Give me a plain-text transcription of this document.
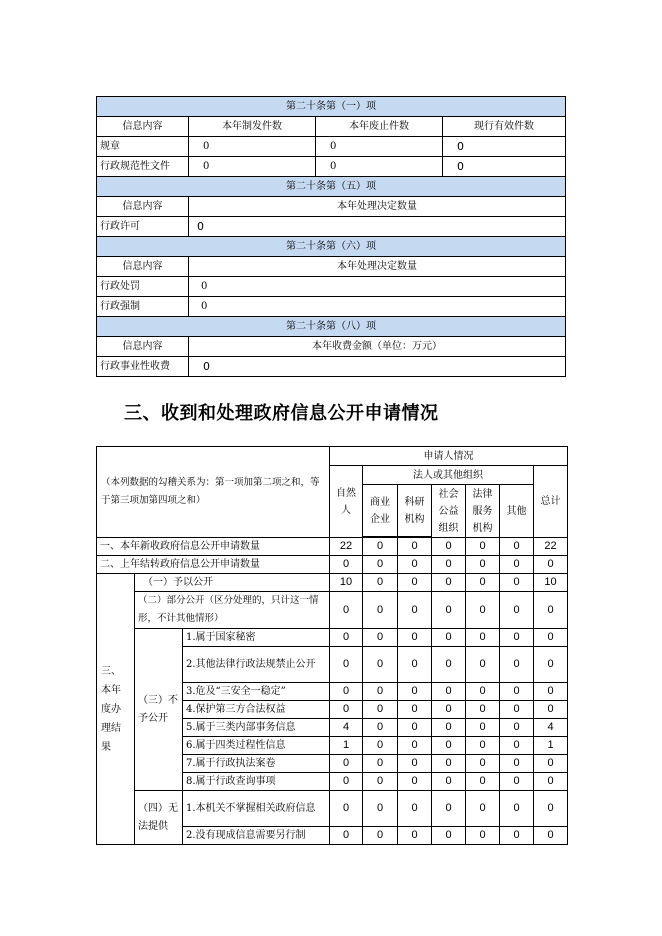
第二十条第（一）项			
信息内容	本年制发件数	本年废止件数	现行有效件数
规章	0	0	0
行政规范性文件	0	0	0
第二十条第（五）项			
信息内容	本年处理决定数量		
行政许可	0		
第二十条第（六）项			
信息内容	本年处理决定数量		
行政处罚	0		
行政强制	0		
第二十条第（八）项			
信息内容	本年收费金额（单位：万元）		
行政事业性收费	0		
三、收到和处理政府信息公开申请情况
（本列数据的勾稽关系为：第一项加第二项之和，等于第三项加第四项之和）			申请人情况						
			自然人	法人或其他组织					总计
				商业企业	科研机构	社会公益组织	法律服务机构	其他	

一、本年新收政府信息公开申请数量			22	0	0	0	0	0	22
二、上年结转政府信息公开申请数量			0	0	0	0	0	0	0
三、本年度办理结果	（一）予以公开		10	0	0	0	0	0	10
	（二）部分公开（区分处理的，只计这一情形，不计其他情形）		0	0	0	0	0	0	0
	（三）不予公开	1.属于国家秘密	0	0	0	0	0	0	0
		2.其他法律行政法规禁止公开	0	0	0	0	0	0	0
		3.危及“三安全一稳定”	0	0	0	0	0	0	0
		4.保护第三方合法权益	0	0	0	0	0	0	0
		5.属于三类内部事务信息	4	0	0	0	0	0	4
		6.属于四类过程性信息	1	0	0	0	0	0	1
		7.属于行政执法案卷	0	0	0	0	0	0	0
		8.属于行政查询事项	0	0	0	0	0	0	0
	（四）无法提供	1.本机关不掌握相关政府信息	0	0	0	0	0	0	0
		2.没有现成信息需要另行制	0	0	0	0	0	0	0
